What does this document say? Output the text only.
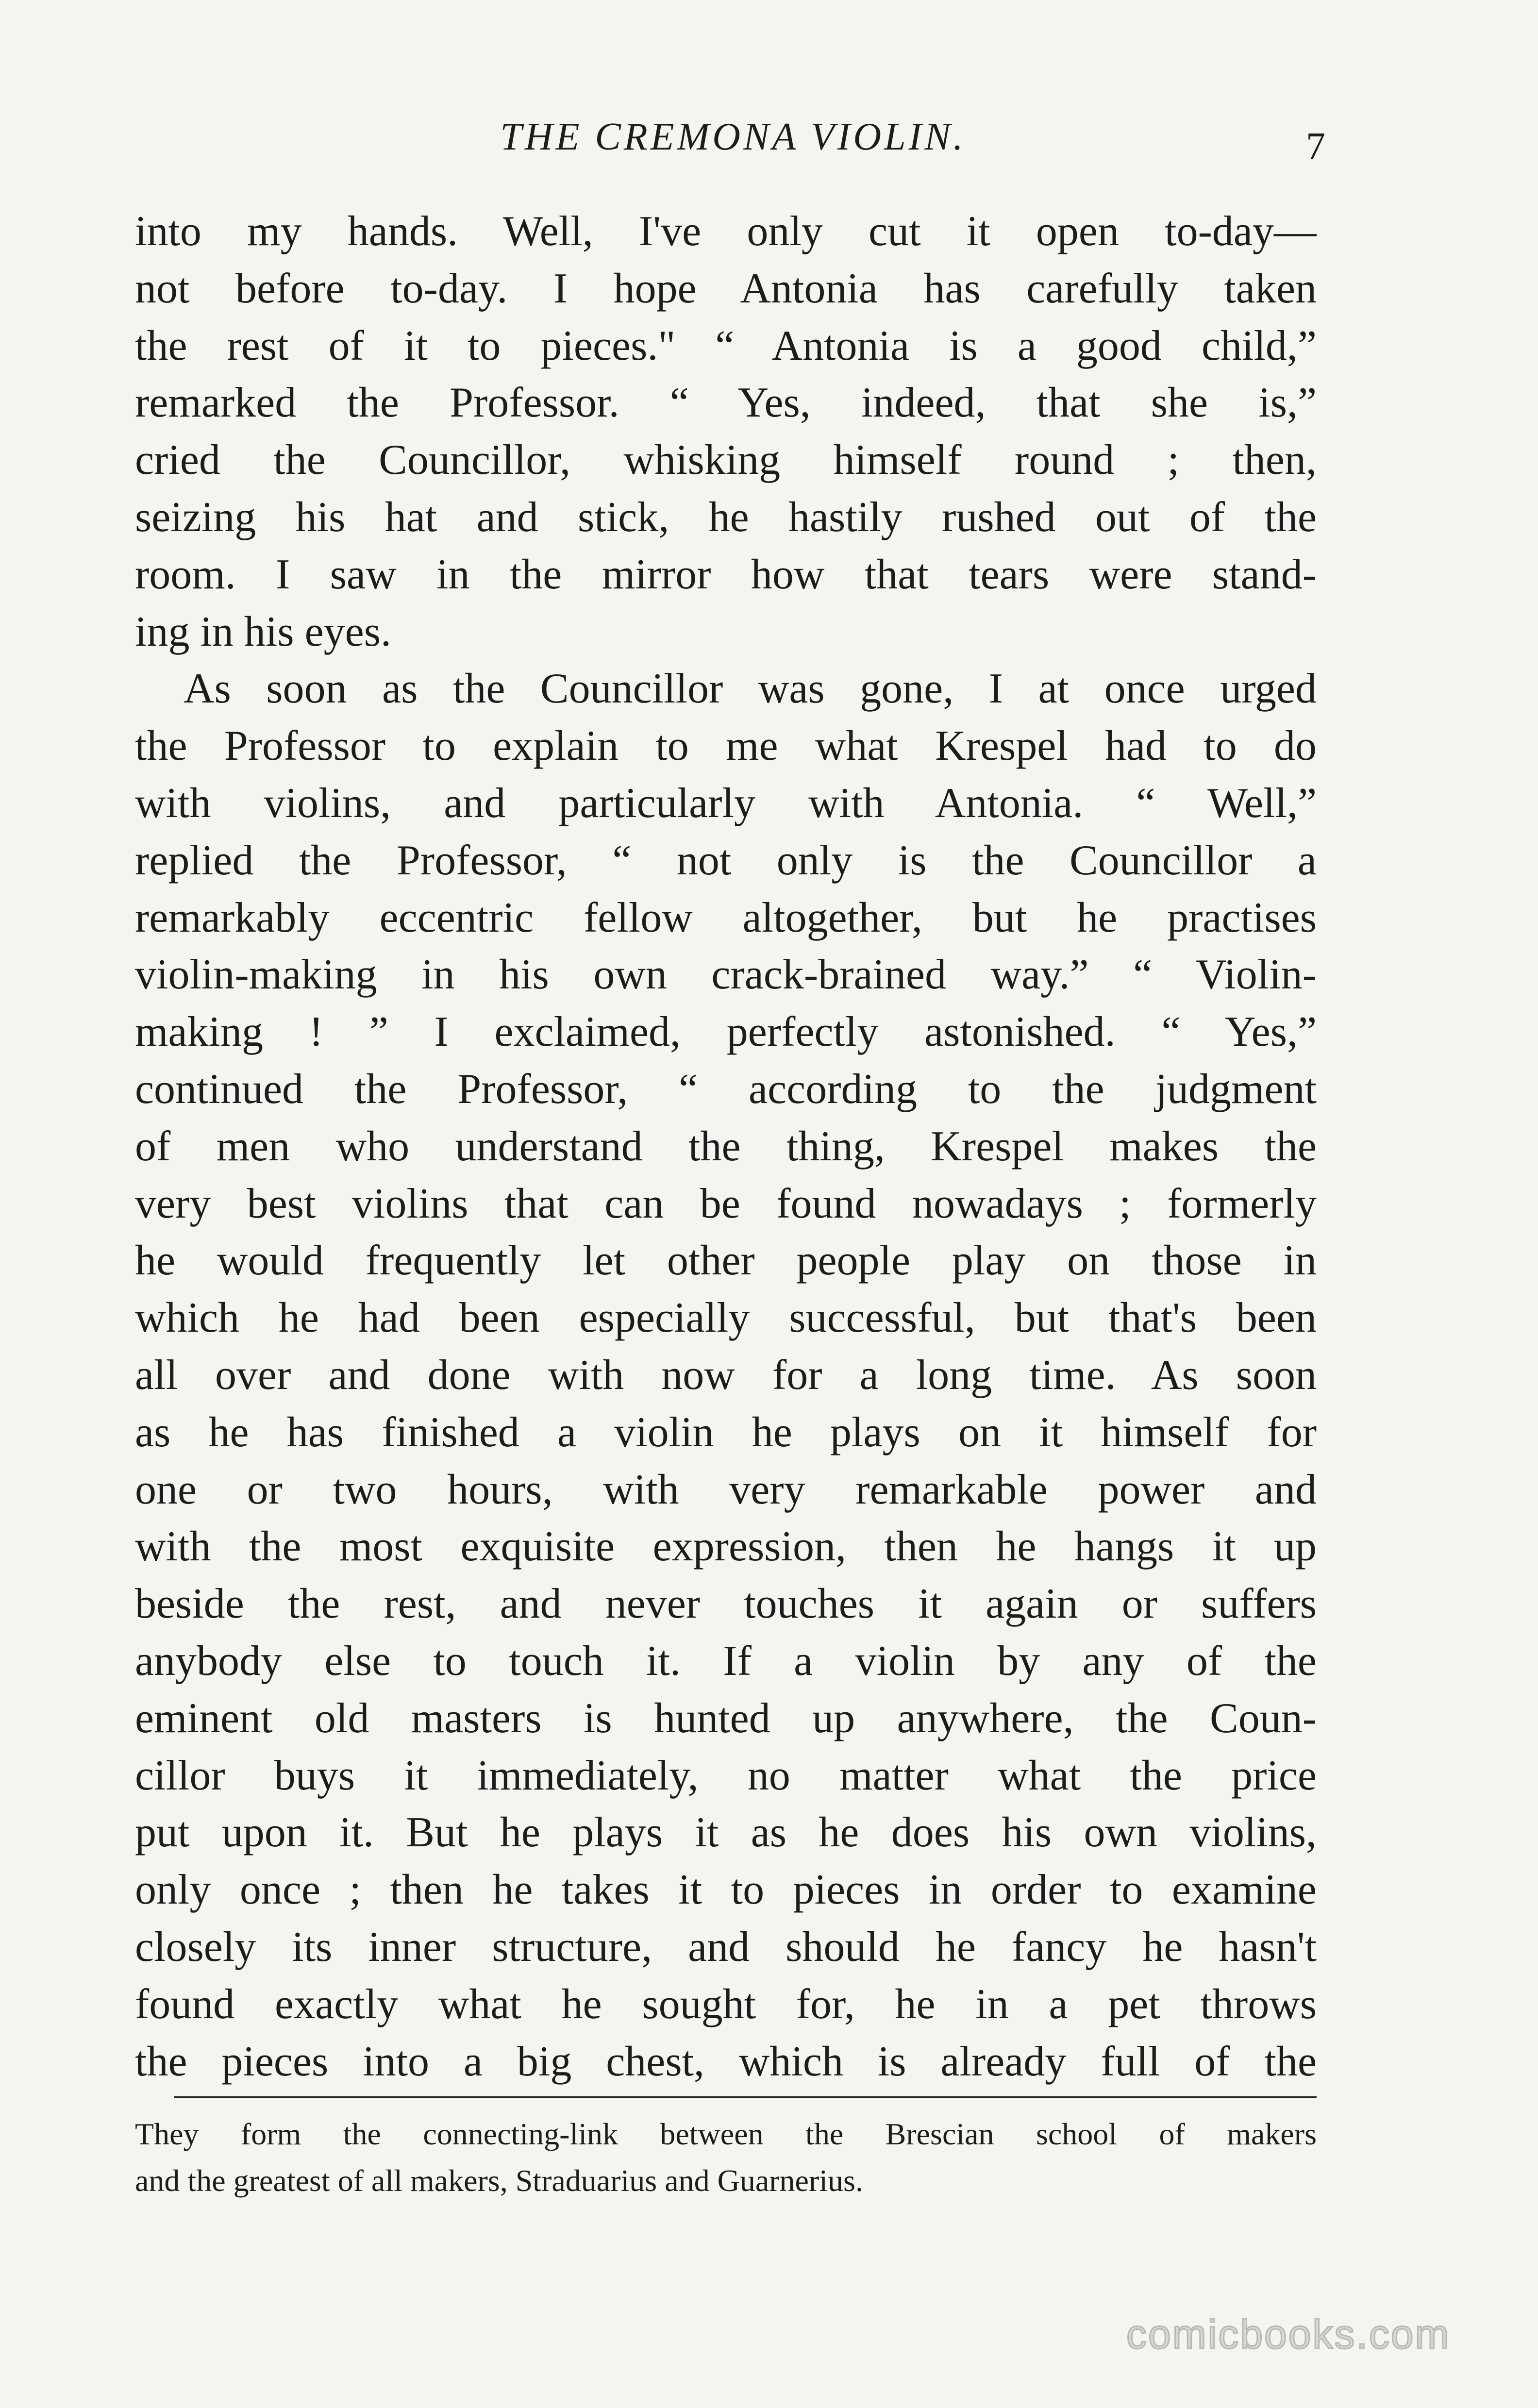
THE CREMONA VIOLIN.	7
into my hands. Well, I've only cut it open to-day—
not before to-day. I hope Antonia has carefully taken
the rest of it to pieces." “ Antonia is a good child,”
remarked the Professor. “ Yes, indeed, that she is,”
cried the Councillor, whisking himself round ; then,
seizing his hat and stick, he hastily rushed out of the
room. I saw in the mirror how that tears were stand-
ing in his eyes.
As soon as the Councillor was gone, I at once urged
the Professor to explain to me what Krespel had to do
with violins, and particularly with Antonia. “ Well,”
replied the Professor, “ not only is the Councillor a
remarkably eccentric fellow altogether, but he practises
violin-making in his own crack-brained way.” “ Violin-
making ! ” I exclaimed, perfectly astonished. “ Yes,”
continued the Professor, “ according to the judgment
of men who understand the thing, Krespel makes the
very best violins that can be found nowadays ; formerly
he would frequently let other people play on those in
which he had been especially successful, but that's been
all over and done with now for a long time. As soon
as he has finished a violin he plays on it himself for
one or two hours, with very remarkable power and
with the most exquisite expression, then he hangs it up
beside the rest, and never touches it again or suffers
anybody else to touch it. If a violin by any of the
eminent old masters is hunted up anywhere, the Coun-
cillor buys it immediately, no matter what the price
put upon it. But he plays it as he does his own violins,
only once ; then he takes it to pieces in order to examine
closely its inner structure, and should he fancy he hasn't
found exactly what he sought for, he in a pet throws
the pieces into a big chest, which is already full of the
They form the connecting-link between the Brescian school of makers
and the greatest of all makers, Straduarius and Guarnerius.
comicbooks.com
